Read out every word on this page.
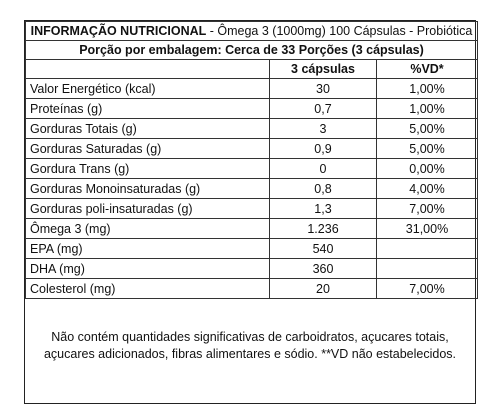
INFORMAÇÃO NUTRICIONAL - Ômega 3 (1000mg) 100 Cápsulas - Probiótica		
Porção por embalagem: Cerca de 33 Porções (3 cápsulas)		
	3 cápsulas	%VD*
Valor Energético (kcal)	30	1,00%
Proteínas (g)	0,7	1,00%
Gorduras Totais (g)	3	5,00%
Gorduras Saturadas (g)	0,9	5,00%
Gordura Trans (g)	0	0,00%
Gorduras Monoinsaturadas (g)	0,8	4,00%
Gorduras poli-insaturadas (g)	1,3	7,00%
Ômega 3 (mg)	1.236	31,00%
EPA (mg)	540	
DHA (mg)	360	
Colesterol (mg)	20	7,00%
Não contém quantidades significativas de carboidratos, açucares totais, açucares adicionados, fibras alimentares e sódio. **VD não estabelecidos.
